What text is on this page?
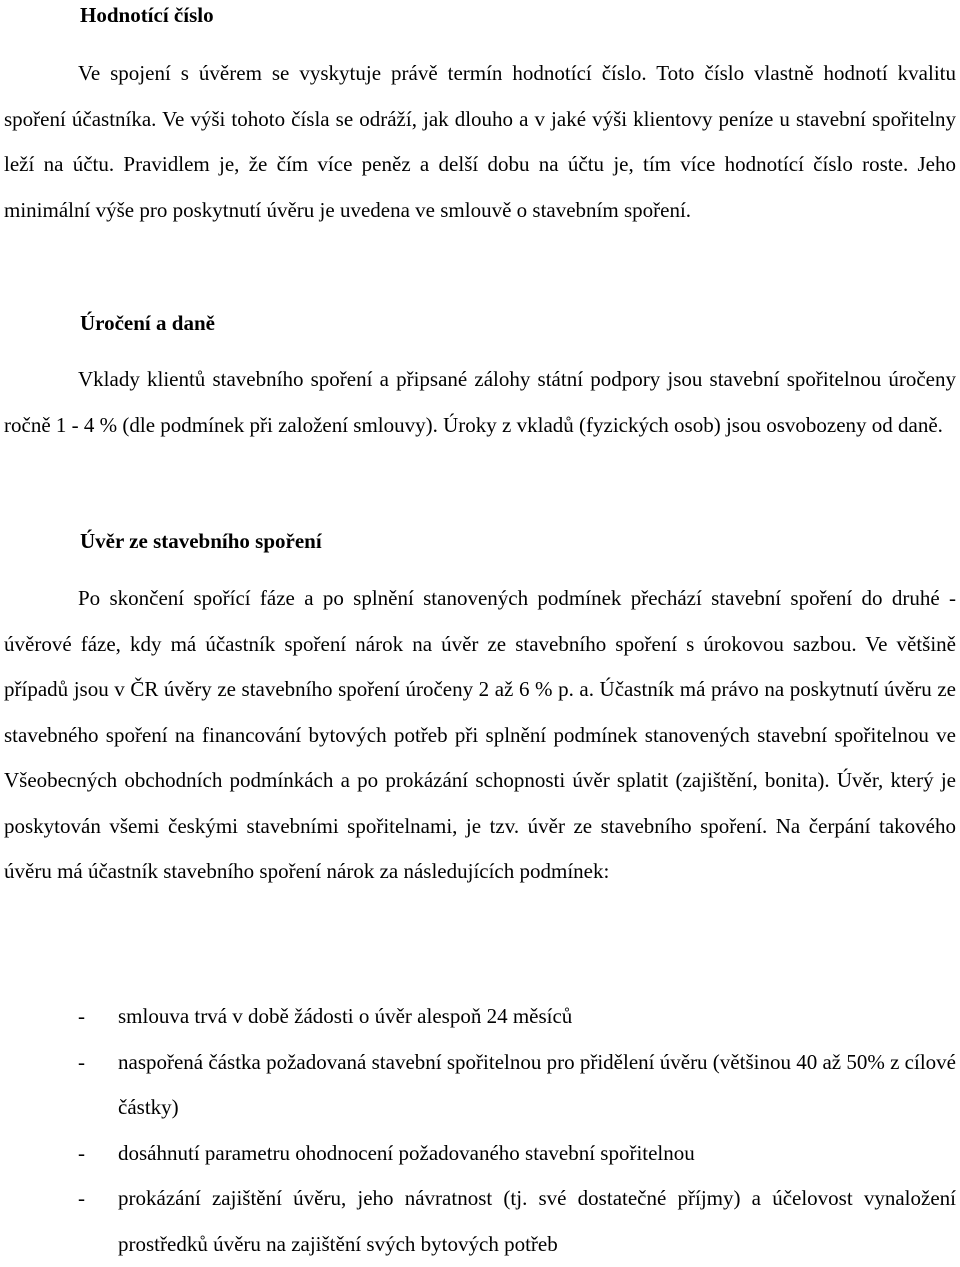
Hodnotící číslo

Ve spojení s úvěrem se vyskytuje právě termín hodnotící číslo. Toto číslo vlastně hodnotí kvalitu spoření účastníka. Ve výši tohoto čísla se odráží, jak dlouho a v jaké výši klientovy peníze u stavební spořitelny leží na účtu. Pravidlem je, že čím více peněz a delší dobu na účtu je, tím více hodnotící číslo roste. Jeho minimální výše pro poskytnutí úvěru je uvedena ve smlouvě o stavebním spoření.

Úročení a daně

Vklady klientů stavebního spoření a připsané zálohy státní podpory jsou stavební spořitelnou úročeny ročně 1 - 4 % (dle podmínek při založení smlouvy). Úroky z vkladů (fyzických osob) jsou osvobozeny od daně.

Úvěr ze stavebního spoření

Po skončení spořící fáze a po splnění stanovených podmínek přechází stavební spoření do druhé - úvěrové fáze, kdy má účastník spoření nárok na úvěr ze stavebního spoření s úrokovou sazbou. Ve většině případů jsou v ČR úvěry ze stavebního spoření úročeny 2 až 6 % p. a. Účastník má právo na poskytnutí úvěru ze stavebného spoření na financování bytových potřeb při splnění podmínek stanovených stavební spořitelnou ve Všeobecných obchodních podmínkách a po prokázání schopnosti úvěr splatit (zajištění, bonita). Úvěr, který je poskytován všemi českými stavebními spořitelnami, je tzv. úvěr ze stavebního spoření. Na čerpání takového úvěru má účastník stavebního spoření nárok za následujících podmínek:

- smlouva trvá v době žádosti o úvěr alespoň 24 měsíců
- naspořená částka požadovaná stavební spořitelnou pro přidělení úvěru (většinou 40 až 50% z cílové částky)
- dosáhnutí parametru ohodnocení požadovaného stavební spořitelnou
- prokázání zajištění úvěru, jeho návratnost (tj. své dostatečné příjmy) a účelovost vynaložení prostředků úvěru na zajištění svých bytových potřeb
